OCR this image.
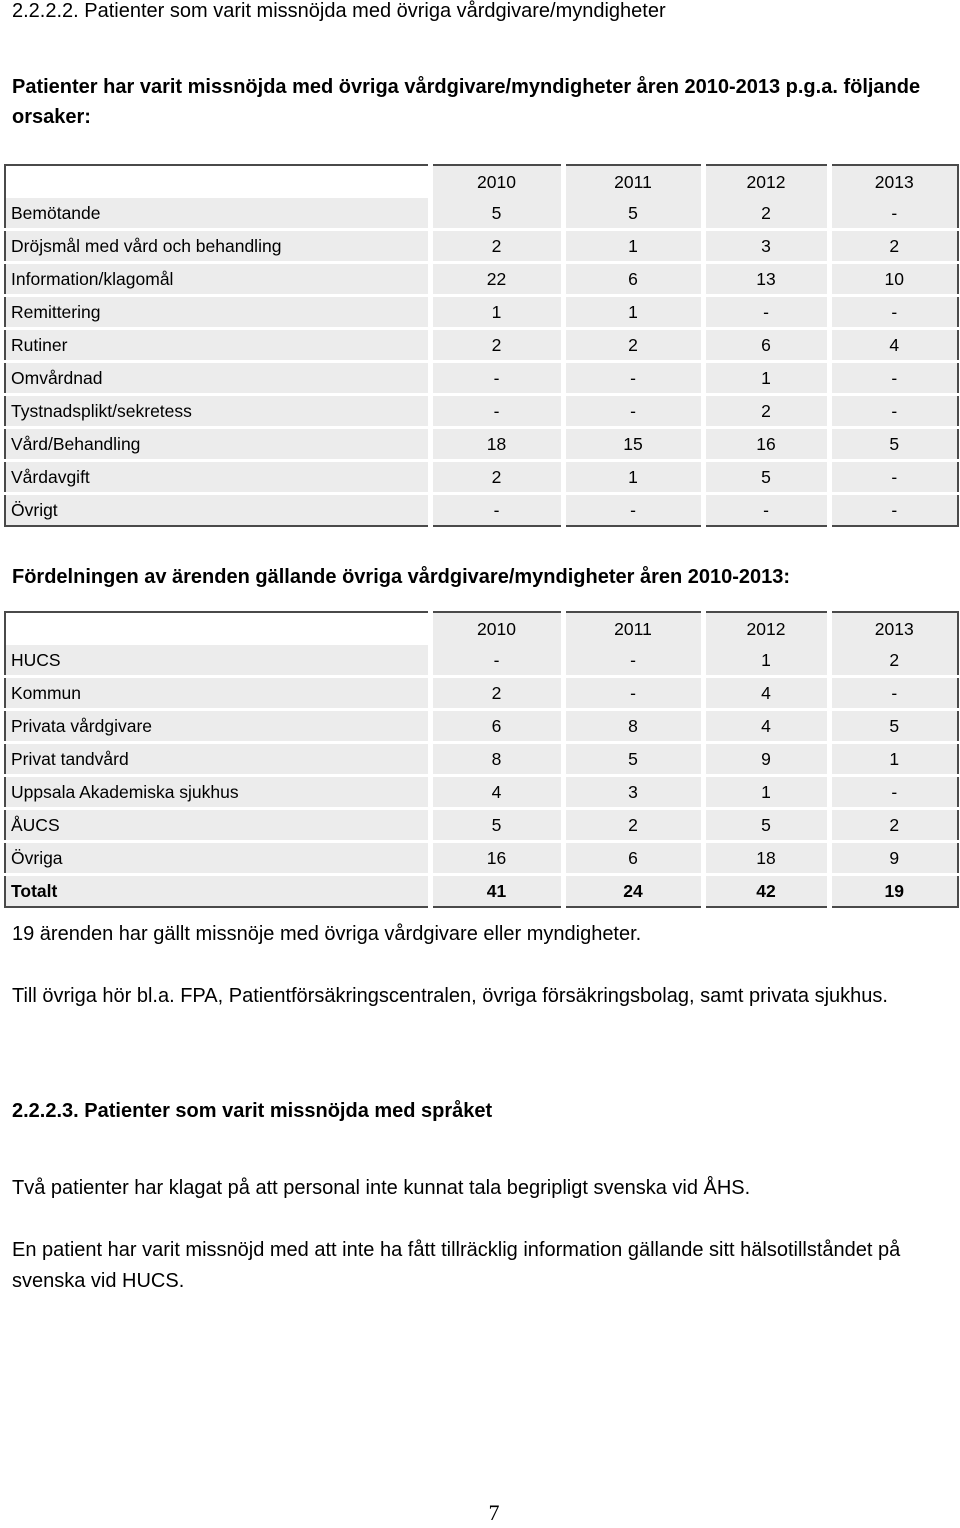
2.2.2.2. Patienter som varit missnöjda med övriga vårdgivare/myndigheter
Patienter har varit missnöjda med övriga vårdgivare/myndigheter åren 2010-2013 p.g.a. följande orsaker:
	2010	2011	2012	2013
Bemötande	5	5	2	-
Dröjsmål med vård och behandling	2	1	3	2
Information/klagomål	22	6	13	10
Remittering	1	1	-	-
Rutiner	2	2	6	4
Omvårdnad	-	-	1	-
Tystnadsplikt/sekretess	-	-	2	-
Vård/Behandling	18	15	16	5
Vårdavgift	2	1	5	-
Övrigt	-	-	-	-
Fördelningen av ärenden gällande övriga vårdgivare/myndigheter åren 2010-2013:
	2010	2011	2012	2013
HUCS	-	-	1	2
Kommun	2	-	4	-
Privata vårdgivare	6	8	4	5
Privat tandvård	8	5	9	1
Uppsala Akademiska sjukhus	4	3	1	-
ÅUCS	5	2	5	2
Övriga	16	6	18	9
Totalt	41	24	42	19
19 ärenden har gällt missnöje med övriga vårdgivare eller myndigheter.
Till övriga hör bl.a. FPA, Patientförsäkringscentralen, övriga försäkringsbolag, samt privata sjukhus.
2.2.2.3. Patienter som varit missnöjda med språket
Två patienter har klagat på att personal inte kunnat tala begripligt svenska vid ÅHS.
En patient har varit missnöjd med att inte ha fått tillräcklig information gällande sitt hälsotillståndet på svenska vid HUCS.
7
